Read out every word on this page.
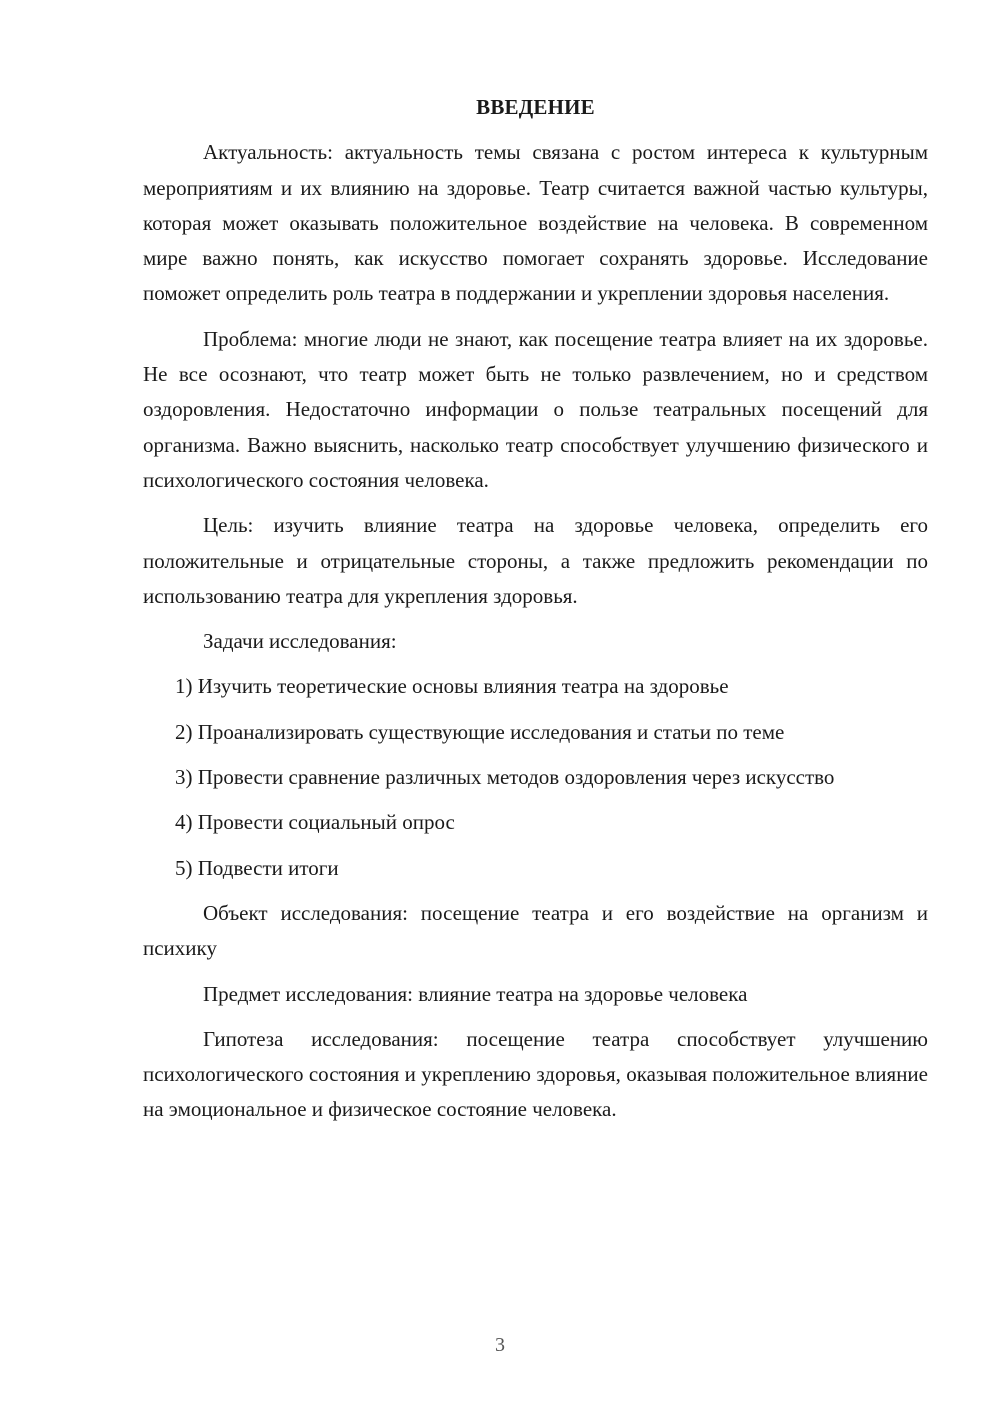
ВВЕДЕНИЕ

Актуальность: актуальность темы связана с ростом интереса к культурным мероприятиям и их влиянию на здоровье. Театр считается важной частью культуры, которая может оказывать положительное воздействие на человека. В современном мире важно понять, как искусство помогает сохранять здоровье. Исследование поможет определить роль театра в поддержании и укреплении здоровья населения.

Проблема: многие люди не знают, как посещение театра влияет на их здоровье. Не все осознают, что театр может быть не только развлечением, но и средством оздоровления. Недостаточно информации о пользе театральных посещений для организма. Важно выяснить, насколько театр способствует улучшению физического и психологического состояния человека.

Цель: изучить влияние театра на здоровье человека, определить его положительные и отрицательные стороны, а также предложить рекомендации по использованию театра для укрепления здоровья.

Задачи исследования:

1) Изучить теоретические основы влияния театра на здоровье

2) Проанализировать существующие исследования и статьи по теме

3) Провести сравнение различных методов оздоровления через искусство

4) Провести социальный опрос

5) Подвести итоги

Объект исследования: посещение театра и его воздействие на организм и психику

Предмет исследования: влияние театра на здоровье человека

Гипотеза исследования: посещение театра способствует улучшению психологического состояния и укреплению здоровья, оказывая положительное влияние на эмоциональное и физическое состояние человека.

3
